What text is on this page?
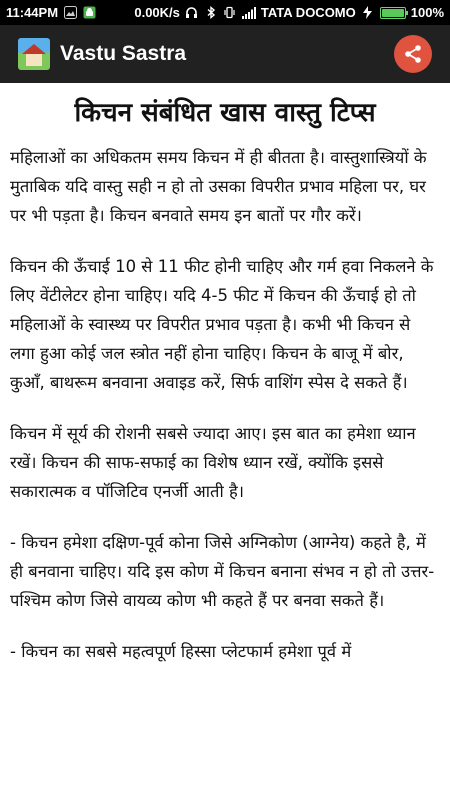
11:44PM	0.00K/s	TATA DOCOMO	100%
Vastu Sastra
किचन संबंधित खास वास्तु टिप्स

महिलाओं का अधिकतम समय किचन में ही बीतता है। वास्तुशास्त्रियों के मुताबिक यदि वास्तु सही न हो तो उसका विपरीत प्रभाव महिला पर, घर पर भी पड़ता है। किचन बनवाते समय इन बातों पर गौर करें।

किचन की ऊँचाई 10 से 11 फीट होनी चाहिए और गर्म हवा निकलने के लिए वेंटीलेटर होना चाहिए। यदि 4-5 फीट में किचन की ऊँचाई हो तो महिलाओं के स्वास्थ्य पर विपरीत प्रभाव पड़ता है। कभी भी किचन से लगा हुआ कोई जल स्त्रोत नहीं होना चाहिए। किचन के बाजू में बोर, कुआँ, बाथरूम बनवाना अवाइड करें, सिर्फ वाशिंग स्पेस दे सकते हैं।

किचन में सूर्य की रोशनी सबसे ज्यादा आए। इस बात का हमेशा ध्यान रखें। किचन की साफ-सफाई का विशेष ध्यान रखें, क्योंकि इससे सकारात्मक व पॉजिटिव एनर्जी आती है।

- किचन हमेशा दक्षिण-पूर्व कोना जिसे अग्निकोण (आग्नेय) कहते है, में ही बनवाना चाहिए। यदि इस कोण में किचन बनाना संभव न हो तो उत्तर-पश्चिम कोण जिसे वायव्य कोण भी कहते हैं पर बनवा सकते हैं।

- किचन का सबसे महत्वपूर्ण हिस्सा प्लेटफार्म हमेशा पूर्व में
